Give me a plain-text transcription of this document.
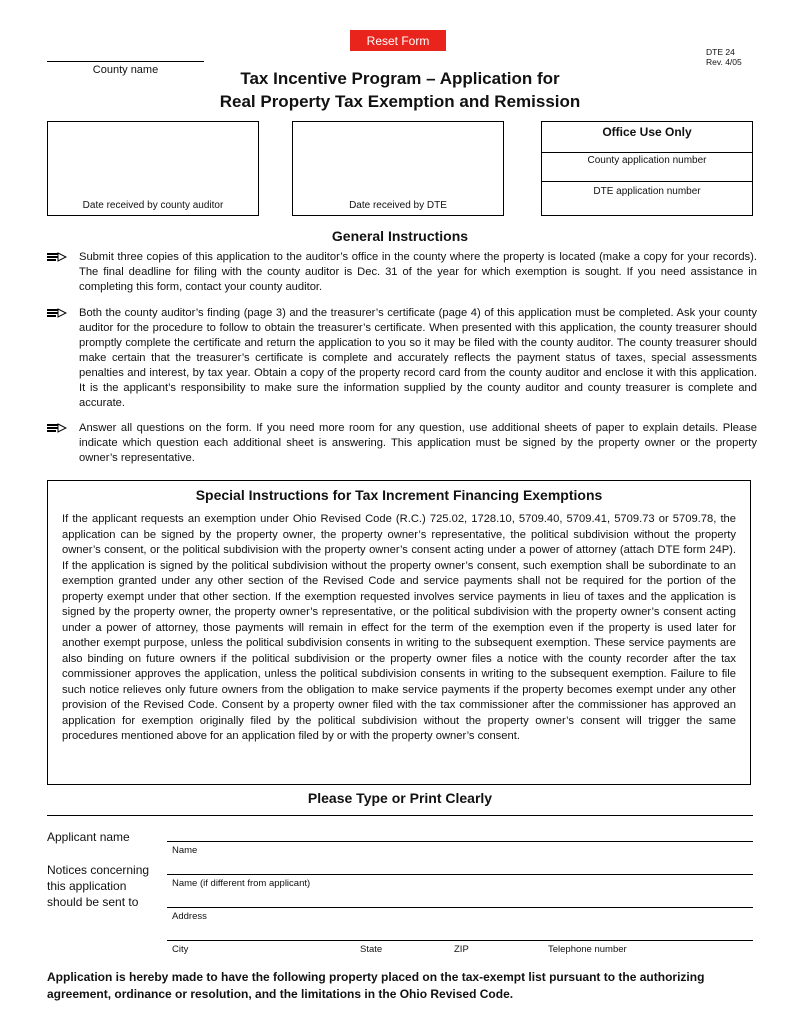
Reset Form
DTE 24
Rev. 4/05
County name	Tax Incentive Program – Application for
Real Property Tax Exemption and Remission
Date received by county auditor	Date received by DTE
Office Use Only
County application number
DTE application number
General Instructions
Submit three copies of this application to the auditor’s office in the county where the property is located (make a copy for your records). The final deadline for filing with the county auditor is Dec. 31 of the year for which exemption is sought. If you need assistance in completing this form, contact your county auditor.
Both the county auditor’s finding (page 3) and the treasurer’s certificate (page 4) of this application must be completed. Ask your county auditor for the procedure to follow to obtain the treasurer’s certificate. When presented with this application, the county treasurer should promptly complete the certificate and return the application to you so it may be filed with the county auditor. The county treasurer should make certain that the treasurer’s certificate is complete and accurately reflects the payment status of taxes, special assessments penalties and interest, by tax year. Obtain a copy of the property record card from the county auditor and enclose it with this application. It is the applicant’s responsibility to make sure the information supplied by the county auditor and county treasurer is complete and accurate.
Answer all questions on the form. If you need more room for any question, use additional sheets of paper to explain details. Please indicate which question each additional sheet is answering. This application must be signed by the property owner or the property owner’s representative.
Special Instructions for Tax Increment Financing Exemptions
If the applicant requests an exemption under Ohio Revised Code (R.C.) 725.02, 1728.10, 5709.40, 5709.41, 5709.73 or 5709.78, the application can be signed by the property owner, the property owner’s representative, the political subdivision without the property owner’s consent, or the political subdivision with the property owner’s consent acting under a power of attorney (attach DTE form 24P). If the application is signed by the political subdivision without the property owner’s consent, such exemption shall be subordinate to an exemption granted under any other section of the Revised Code and service payments shall not be required for the portion of the property exempt under that other section. If the exemption requested involves service payments in lieu of taxes and the application is signed by the property owner, the property owner’s representative, or the political subdivision with the property owner’s consent acting under a power of attorney, those payments will remain in effect for the term of the exemption even if the property is used later for another exempt purpose, unless the political subdivision consents in writing to the subsequent exemption. These service payments are also binding on future owners if the political subdivision or the property owner files a notice with the county recorder after the tax commissioner approves the application, unless the political subdivision consents in writing to the subsequent exemption. Failure to file such notice relieves only future owners from the obligation to make service payments if the property becomes exempt under any other provision of the Revised Code. Consent by a property owner filed with the tax commissioner after the commissioner has approved an application for exemption originally filed by the political subdivision without the property owner’s consent will trigger the same procedures mentioned above for an application filed by or with the property owner’s consent.
Please Type or Print Clearly
Applicant name
Notices concerning
this application
should be sent to
Name
Name (if different from applicant)
Address
City	State	ZIP	Telephone number
Application is hereby made to have the following property placed on the tax-exempt list pursuant to the authorizing agreement, ordinance or resolution, and the limitations in the Ohio Revised Code.
